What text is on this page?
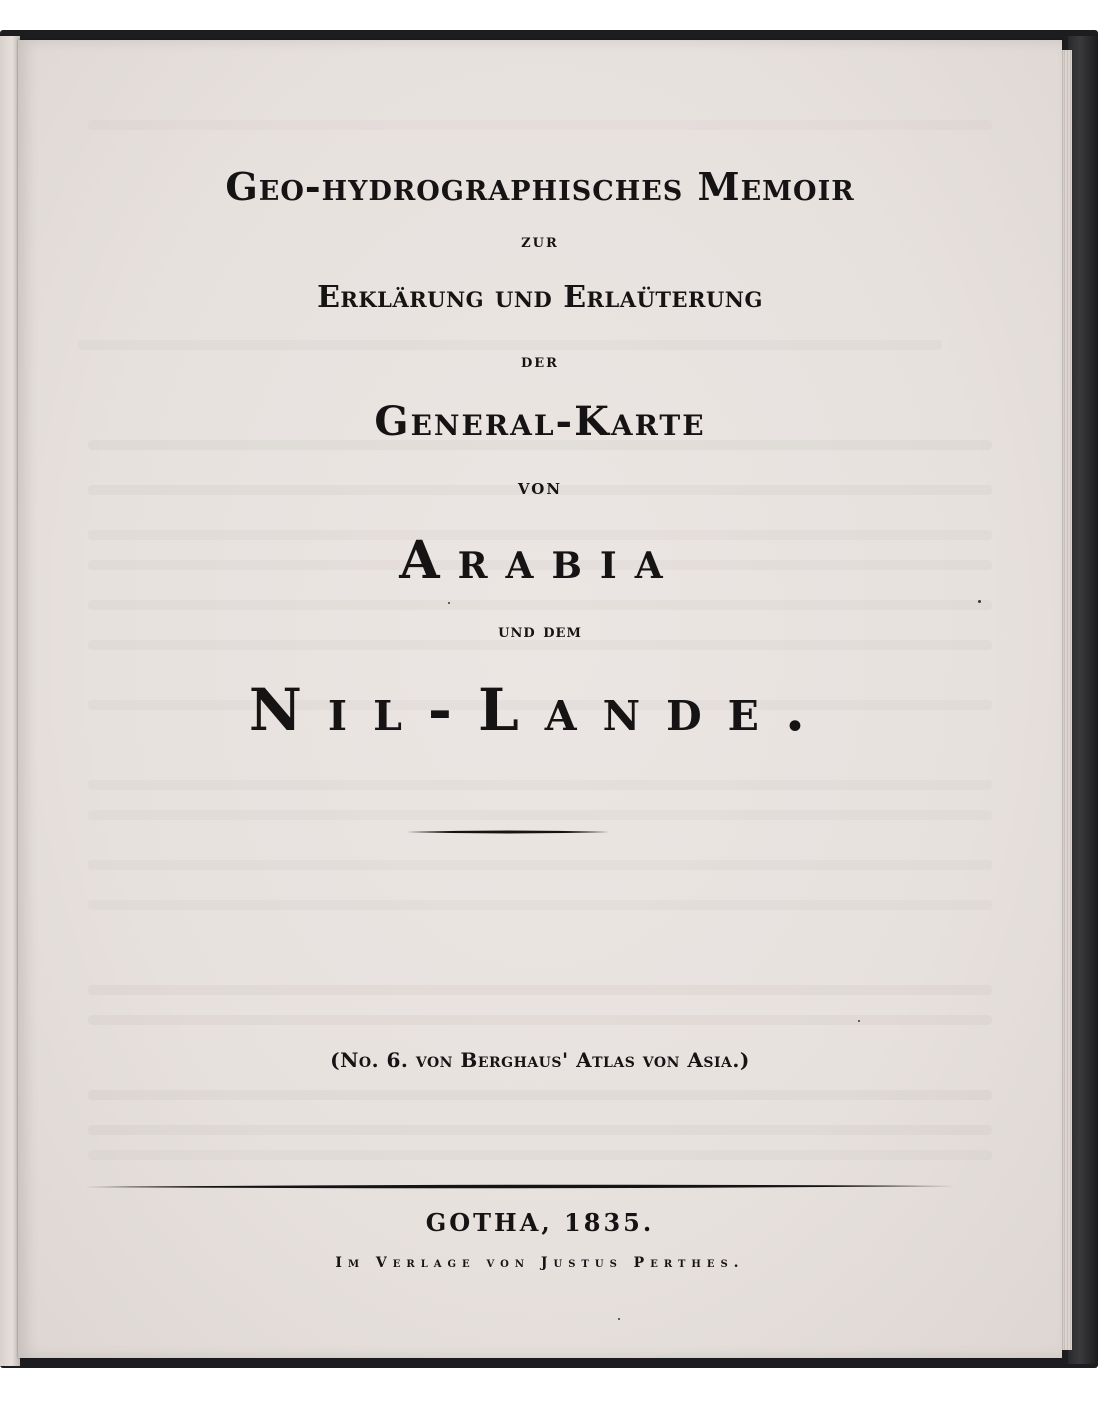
Geo-hydrographisches Memoir

zur

Erklärung und Erlaüterung

der

General-Karte

von

Arabia

und dem

Nil-Lande.

(No. 6. von Berghaus' Atlas von Asia.)

GOTHA, 1835.

Im Verlage von Justus Perthes.
